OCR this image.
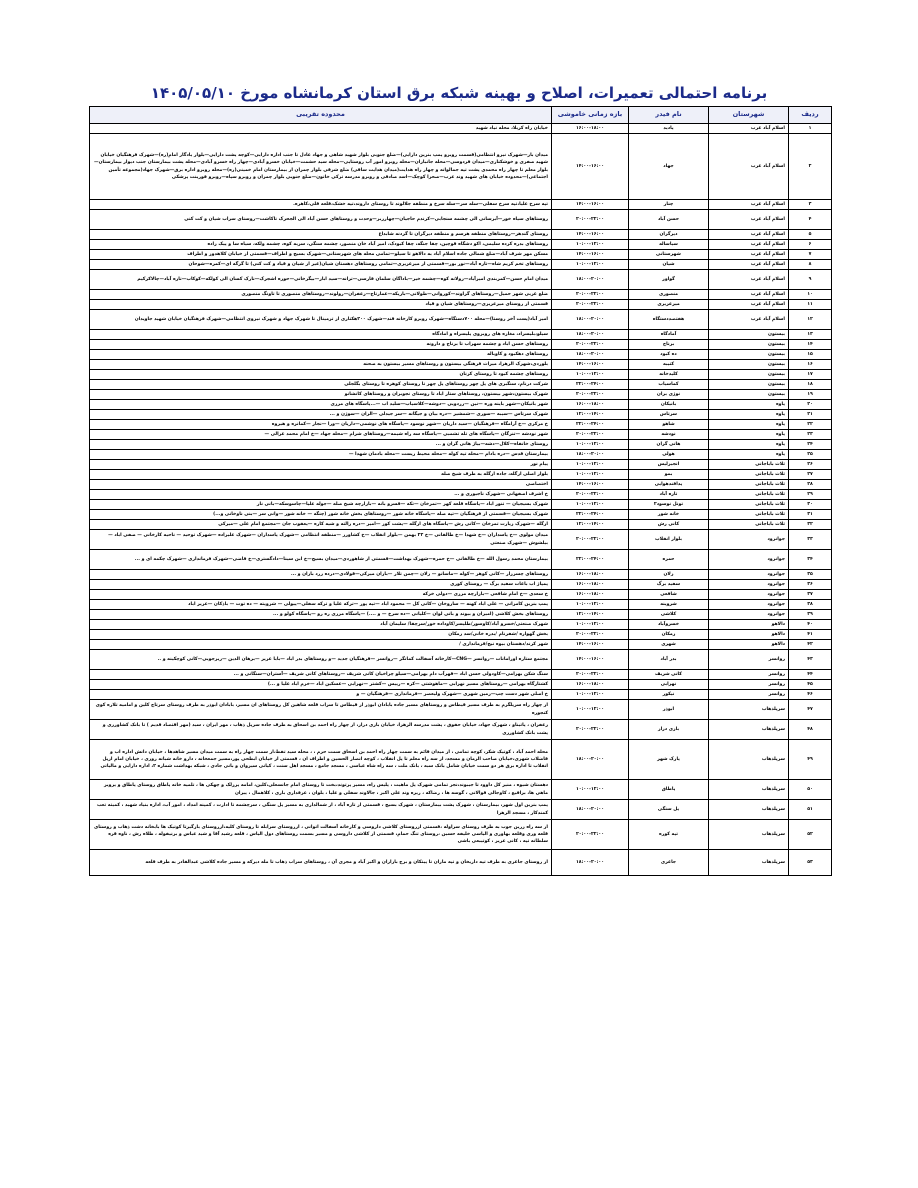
برنامه احتمالی تعمیرات، اصلاح و بهینه شبکه برق استان کرمانشاه مورخ ۱۴۰۵/۰۵/۱۰
ردیف	شهرستان	نام فیدر	بازه زمانی خاموشی	محدوده تقریبی
۱	اسلام آباد غرب	پادید	۱۶:۰۰-۱۸:۰۰	خیابان راه کربلا، محله نیاد شهید
۲	اسلام آباد غرب	جهاد	۱۴:۰۰-۱۶:۰۰	میدان باز—شهرک نیرو انتظامی(قسمت روبرو پمپ بنزین دارایی)—ضلع جنوبی بلوار شهید شاهی و جهاد عادل تا جنب اداره دارایی—کوچه پشت دارایی—بلوار یادگار امام(ره)—شهرک فرهنگیان خیابان شهید صفری و خوشکناری—میدان فردوسی—محله جانبازان—محله روبرو امور آب روستایی—محله سید حشمت—خیابان خسرو آبادی—چهار راه خسرو آبادی—محله پشت بیمارستان جنب دیوار بیمارستان—بلوار معلم تا چهار راه محمدی پشت تپه جمالوانه و چهار راه هدایت(میدان هدایت ساقی) ضلع شرقی بلوار چمران از بیمارستان امام خمینی(ره)—محله روبرو اداره برق—شهرک جهاد(مجموعه تأمین اجتماعی)—محدوده خیابان های شهید وند عرب—صحرا کوچک—اسد صادقی و روبرو مدرسه ترکی خاتون—ضلع جنوبی بلوار چمران و روبرو سپاه—روبرو فورینت پزشکی
۳	اسلام آباد غرب	چنار	۱۴:۰۰-۱۶:۰۰	تپه سرخ علیا،تپه سرخ سفلی—سله سر—سله سرخ و منطقه جلالوند تا روستای داروند،تپه خشک،قلعه قلی،کاهره.
۴	اسلام آباد غرب	حسن آباد	۲۰:۰۰-۲۲:۰۰	روستاهای سیاه خور—آبرسانی الی چشمه سنجابی—کرندم حاجیان—چهارزبر—وحدت و روستاهای حسن آباد الی الجحرک تاکاشت—روستای سراب شیان و کت کنی
۵	اسلام آباد غرب	دیزگران	۱۴:۰۰-۱۶:۰۰	روستای گندهر—روستاهای منطقه هرسم و منطقه دیزگران تا گردنه شابداغ
۶	اسلام آباد غرب	سیاساله	۱۰:۰۰-۱۲:۰۰	روستاهای بدره کرده سلیمی، اکو دشگاه قوچین، چقا جنگه، چقا کبودک، امیر آباد خان منصور، چشمه سنگی، سربه کوه، چشمه ولکه، سیاه سا و پیک زاده
۷	اسلام آباد غرب	شهرستانی	۱۴:۰۰-۱۶:۰۰	مسکن مهر شرف آباد—ضلع شمالی جاده اسلام آباد به دالاهو تا سیلو—تمامی محله های شهرستانی—شهرک بسیج و اطراف—قسمتی از خیابان کلاهدوز و اطراف
۸	اسلام آباد غرب	شیان	۱۰:۰۰-۱۲:۰۰	روستاهای تخم کریم شاه—تازه آباد—نور بور—قسمتی از میرعزیزی—تمامی روستاهای دهستان شیان(غیر از شیان و قیاد و کت کنی) تا گرگه ای—کمره—شوحان
۹	اسلام آباد غرب	گواور	۱۸:۰۰-۲۰:۰۰	میدان امام حسن—کمربندی امیرآباد—زولانه کوه—چشمه خیر—باداگان سلمان فارسی—ترانه—سید اباز—بیگرخانی—حوزه اشجرک—نارک کسان الی کولکه—کوکاب—تازه آباد—چالاکرکیم
۱۰	اسلام آباد غرب	منصوری	۲۰:۰۰-۲۲:۰۰	ضلع غربی شهر حمیل—روستاهای گراوند—کوروانی—طولانی—بازیکه—غمارتاج—زعفران—رولوند—روستاهای منصوری تا تاونگ منصوری
۱۱	اسلام آباد غرب	میرعزیزی	۲۰:۰۰-۲۲:۰۰	قسمتی از روستای میرعزیزی—روستاهای شیان و قیاد
۱۲	اسلام آباد غرب	هفتصددستگاه	۱۸:۰۰-۲۰:۰۰	امیر آباد(پست آخر روستا)—محله ۷۰۰دستگاه—شهرک روبرو کارخانه قند—شهرک ۲۰۰هکتاری از ترمینال تا شهرک جهاد و شهرک نیروی انتظامی—شهرک فرهنگیان خیابان شهید جاویدان
۱۳	بیستون	آمادگاه	۱۸:۰۰-۲۰:۰۰	سیلو،بلیسراد، مغازه های روبروی پلیسراه و امادگاه
۱۴	بیستون	برناج	۲۰:۰۰-۲۲:۰۰	روستاهای حسن اباد و چشمه سهراب تا برناج و دارونه
۱۵	بیستون	ده کبود	۱۸:۰۰-۲۰:۰۰	روستاهای دهکبود و کاوباله
۱۶	بیستون	کتیبه	۱۴:۰۰-۱۶:۰۰	بلوردی،شهرک الزهرا، میراث فرهنگی بیستون و روستاهای مسیر بیستون به صحنه
۱۷	بیستون	کلیدخانه	۱۰:۰۰-۱۲:۰۰	روستاهای چشمه کبود تا روستای کرنان
۱۸	بیستون	کماسیاب	۲۲:۰۰-۲۴:۰۰	شرکت درنام، سنگبری های پل چهر روستاهای پل چهر تا روستای کوهره تا روستای بگلجلی
۱۹	بیستون	نوژی بران	۲۰:۰۰-۲۲:۰۰	شهرک بیستون،شهر بیستون، روستاهای ستار اباد تا روستای نجوبران و روستاهای کانشانو
۲۰	پاوه	بانیکان	۱۶:۰۰-۱۸:۰۰	شهر بانیکان—شهر باینه وره —نین —زردویی —دوشه—کلاسیاب—سلید اب —...پاسگاه های مرزی
۲۱	پاوه	سرتاس	۱۲:۰۰-۱۴:۰۰	شهرک سرتاس —سیبه —سوری —شمشیر —دره بیان و جیگانه —سر جیدلی —الران —سوژن و ...
۲۲	پاوه	شاهو	۲۲:۰۰-۲۴:۰۰	خ مرکزی —خ آرامگاه —فرهنگیان —سید داریان —شهر نوسود —پاسگاه های نوشمی—داریان —ورا —نجار —کمانره و هیروه
۲۳	پاوه	نودشه	۲۰:۰۰-۲۲:۰۰	شهر نودشه —تنرگان —پاسگاه های تله تشمبی —پاسگاه سه راه شیمه—روستاهای شرام —محله جهاد —خ امام محمد غزالی —
۲۴	پاوه	هانی گران	۱۰:۰۰-۱۲:۰۰	روستای خانقاه—کلال—دشه—بیاژ هانی گران و ...
۲۵	پاوه	هولی	۱۸:۰۰-۲۰:۰۰	بیمارستان قدس —دره بادام —محله تپه کوله —محله محیط زیست —محله بادمان شهدا —
۲۶	ثلاث باباجانی	انجیرلیس	۱۰:۰۰-۱۲:۰۰	پیام نور
۲۷	ثلاث باباجانی	بمو	۱۰:۰۰-۱۲:۰۰	بلوار اصلی ازگله، جاده ازگله به طرف شیخ صله
۲۸	ثلاث باباجانی	پدافندهوایی	۱۴:۰۰-۱۶:۰۰	اختصاصی
۲۹	ثلاث باباجانی	تازه آباد	۲۰:۰۰-۲۲:۰۰	خ اشرف اصفهانی —شهرک ناجیوری و ...
۳۰	ثلاث باباجانی	تونل نوسود۲	۱۰:۰۰-۱۲:۰۰	شهرک بسیجیان — تنور اباد —پاسگاه قلعه کهر —تمرخان —تکه —قسرو بانه —بازارچه شیخ صله —جوله علیا—چاسوسکه—بانی نار
۳۱	ثلاث باباجانی	خانه شور	۲۲:۰۰-۲۴:۰۰	شهرک بسیجیان —قسمتی از فرهنگیان —تپه صله —پاسگاه خانه شور —روستاهای بخش خانه شور (چنگه — خانه شور —وانی سر —بنی ناوخانی و...)
۳۲	ثلاث باباجانی	کانی رش	۱۲:۰۰-۱۴:۰۰	ازگله —شهرک زیارت تمرخان —کانی رش —پاسگاه های ازگله —پشت کوز —امیر —دره زالته و شیه کاره —یعقوب جان —مجتمع امام علی —میرکی
۳۳	جوانرود	بلوار انقلاب	۲۰:۰۰-۲۲:۰۰	میدان مولوی —خ پاسداران —خ شهدا —خ طالقانی —خ ۲۲ بهمن —بلوار انقلاب —خ کشاورز —منطقه انتظامی —شهرک پاسداران —شهرک علیزاده —شهرک توحید — ناحیه کارخانی — صفی اباد —بیلشوش —شهرک صنعتی
۳۴	جوانرود	حمزه	۲۲:۰۰-۲۴:۰۰	بیمارستان محمد رسول الله —خ طالقانی —خ حمزه—شهرک بهداشت—قسمتی از شاهوردی—میدان بسیج—خ ابن سینا—دادگستری—خ قاضی—شهرک فرمانداری —شهرک چکمه ای و ...
۳۵	جوانرود	زلان	۱۶:۰۰-۱۸:۰۰	روستاهای چسرزار —کانی کوهر —کوله —ماسانو — زلان —چمن تلار —بازان میرکی—قولادی—درده زرد بازان و ...
۳۶	جوانرود	سفید برگ	۱۶:۰۰-۱۸:۰۰	پمپاژ اب باغات سفید برگ — روستای کوری
۳۷	جوانرود	شافعی	۱۶:۰۰-۱۸:۰۰	خ سعدی —خ امام شافعی —بازارچه مرزی —دولی خرکه
۳۸	جوانرود	شروینه	۱۰:۰۰-۱۲:۰۰	پمپ بنزین کامرانی — علی اباد کهنه — سازوخان —کانی کل — محمود اباد —تیه پور —ترکه علیا و ترکه سفلی—پیولی — شرویته — ده توت — باذکان —عزیز اباد
۳۹	جوانرود	کلاشی	۱۲:۰۰-۱۴:۰۰	روستاهای بخش کلاشی (امیران و بیوند و بانی لوان —کلیانی —ده سرخ — و ....) —پاسگاه مرزی ره رو —پاسگاه کولو و ...
۴۰	دالاهو	خسروآباد	۱۰:۰۰-۱۲:۰۰	شهرک صنعتی/خسرو آباد/کاوسور/طلیسر/کاوداده خور/سرچقا/ سلیمان آباد
۴۱	دالاهو	زمکان	۲۰:۰۰-۲۲:۰۰	بخش گهواره /شفرنام /بدره خانی/سد زمکان
۴۲	دالاهو	شهری	۱۴:۰۰-۱۶:۰۰	شهر کرند/دهستان بیوه نیج/فرمانداری /
۴۳	روانسر	بدر آباد	۱۴:۰۰-۱۶:۰۰	مجتمع ستاره اورامانات —روانسر —CNG—کارخانه آسفالت کمانگر —روانسر —فرهنگیان جدید —و روستاهای بدر اباد —بابا عزیز —برهان الدین —زیرجوبی—کانی کوچکینه و ..
۴۴	روانسر	کانی شریف	۲۰:۰۰-۲۲:۰۰	سنگ شکن بهرامی—کاودولی حسن اباد —قهرآب دام بهرامی—سیلو چراخیان کانی شریف —روستاهای کانی شریف —آستران—سنگانی و ...
۴۵	روانسر	نهرابی	۱۶:۰۰-۱۸:۰۰	کشتارگاه بهرامی —روستاهای مسیر نهرابی —ماهوشتی —کره —رییس —کشتر —نهرابی —عسکین اباد —خرم اباد علیا و ...)
۴۶	روانسر	نیکور	۱۰:۰۰-۱۲:۰۰	خ اصلی شهر دست چپ—زمین شهری —شهرک ولیعصر —فرمانداری —فرهنگیان — و
۴۷	سرپلذهاب	ابوذر	۱۰:۰۰-۱۲:۰۰	از چهار راه سرپلگرم به طرف مسیر قیطاس و روستاهای مسیر جاده بابادان ابوذر از قیطاس تا سراب قلعه شاهین کل روستاهای ان مسیر، بابادان ابوذر به طرف روستای سرتاج کلین و امامیه تلاره کوی کنجوره
۴۸	سرپلذهاب	بازی دراز	۲۰:۰۰-۲۲:۰۰	زعفران ، پاتیناو ، شهرک جهاد، خیابان حقوق ، پشت مدرسه الزهرا، خیابان بازی دراز، از چهار راه احمد بن اسحاق به طرف جاده سرپل ذهاب ، مهر ایران ، سید (مهر اقتصاد قدیم ) تا بانک کشاورزی و پشت بانک کشاورزی
۴۹	سرپلذهاب	پارک شهر	۱۸:۰۰-۲۰:۰۰	محله احمد آباد ، کوتیک شکر، کوچه تمامی ، از میدان قائم به سمت چهار راه احمد بن اسحاق سمت حرم ، ، محله سید تقط،از سمت چهار راه به سمت میدان مسیر شاهدها ، خیابان دانش اداره اب و فاضلاب شهری،خیابان صاحب الزمان و مسجد، از سه راه معلم تا پل انقلاب ، کوچه انصار الحسین و اطراف ان ، قسمتی از خیابان ابطحی پور،مسیر جمعخانه ، دارو خانه شبانه روزی ، خیابان امام ازپل انقلاب تا اداره برق هر دو سمت خیابان شامل بانک سبه ، بانک ملت ، سه راه شاه عباسی ، مسجد جامع ، مسجد اهل سنت ، کیانی سیروان و بانی جادی ، شبکه بهداشت شماره ۲، اداره دارایی و مالیاتی
۵۰	سرپلذهاب	پاطاق	۱۰:۰۰-۱۲:۰۰	دهستان شیوه ، منیر کل داوود تا جیبوند،نجر تمامی شهرک پل ماهیت ، پلیس راه، مسیر پرتوند،بخت تا روستای امام جانسعلی،کلین، امامه پرزلک و چهکی ها ، تلمیه خانه پاطاق روستای پاطاق و پرویز ماهی ها، برافیع ، کاوجالی قوالانی ، گوسه ها ، رضاکه ، ریزه وند علی اکبر ، جالاوند سفلی و علیا ، بلوان ، عرفداری باری ، کلاهمال ، پیران
۵۱	سرپلذهاب	پل سنگی	۱۸:۰۰-۲۰:۰۰	پمپ بنزین اول شهر، بیمارستان ، شهرک پشت بیمارستان ، شهرک بسیج ، قسمتی از تازه آباد ، از شمالداری به مسیر پل سنگی ، سرچشمه تا ادارت ، کمپنه امداد ، امور آب، اداره بنیاد شهید ، کمیته تعب کمندکار ، مسجد الزهرا
۵۲	سرپلذهاب	تپه کوره	۲۰:۰۰-۲۲:۰۰	از سه راه زرین جوب به طرف روستای سراوله ،قسمتی ازروستای کلاشی داروسی و کارخانه آسفالت اتوانی ، ازروستای سرابله تا روستای کلیه،ازروستای بازگیرتا کوتیک ها بابخانه دشت ذهاب و روستای قلعه وری وقلعه بهاوری و الیاسی خلیفه حسین ،روستای تنگ حمام، قسمتی از کلاشی داروسی و مسیر بسمت روستاهای دول الیاس ، قلعه رشید آقا و شید عباس و برنیقوله ، طلاه رش ، ناوه قره سلطانه تپه ، کانی عزیز ، کوتیبعی باشی
۵۳	سرپلذهاب	جاغری	۱۸:۰۰-۲۰:۰۰	از روستای جاغری به طرف تپه داریخان و تپه ماران تا پیتکان و برج بازاران و اکبر آباد و مجری آن ، روستاهای سراب ذهاب تا مله دیرکه و مسیر جاده کلاشی عبدالقادر به طرف قلعه
